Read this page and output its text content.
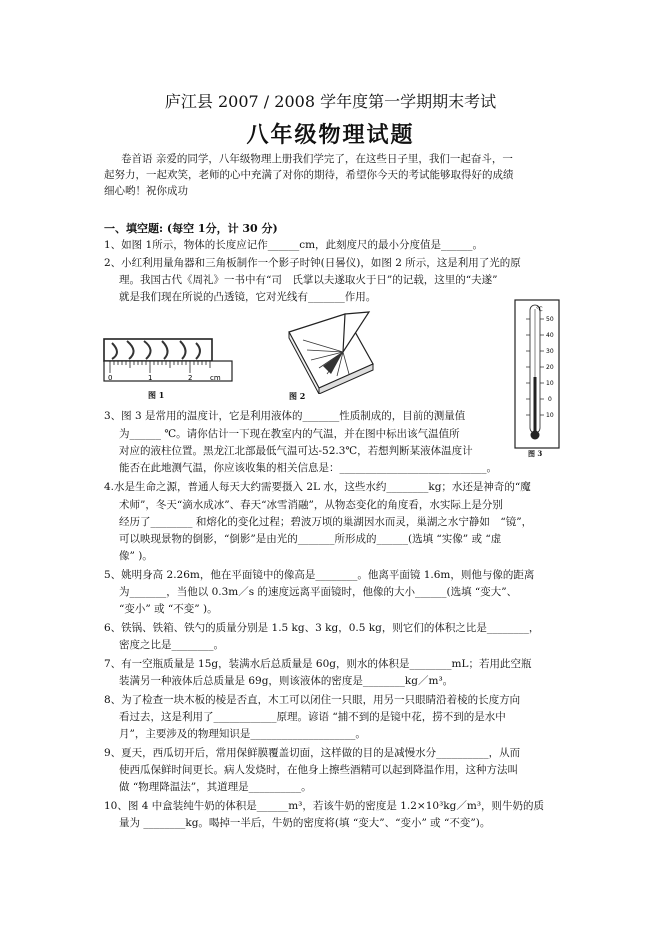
庐江县 2007 / 2008 学年度第一学期期末考试
八年级物理试题
卷首语 亲爱的同学，八年级物理上册我们学完了，在这些日子里，我们一起奋斗，一
起努力，一起欢笑，老师的心中充满了对你的期待，希望你今天的考试能够取得好的成绩
细心哟！祝你成功
一、填空题: (每空 1分，计 30 分)
1、如图 1所示，物体的长度应记作______cm，此刻度尺的最小分度值是______。
2、小红利用量角器和三角板制作一个影子时钟(日晷仪)，如图 2 所示，这是利用了光的原
理。我国古代《周礼》一书中有“司　氏掌以夫遂取火于日”的记载，这里的“夫遂”
就是我们现在所说的凸透镜，它对光线有_______作用。
0	1	2	cm
图 1	图 2
℃
50
40
30
20
10
0
10
图 3
3、图 3 是常用的温度计，它是利用液体的_______性质制成的，目前的测量值
为______ ℃。请你估计一下现在教室内的气温，并在图中标出该气温值所
对应的液柱位置。黑龙江北部最低气温可达-52.3℃，若想判断某液体温度计
能否在此地测气温，你应该收集的相关信息是：____________________________。
4.水是生命之源，普通人每天大约需要摄入 2L 水，这些水约________kg；水还是神奇的“魔
术师”，冬天“滴水成冰”、春天“冰雪消融”，从物态变化的角度看，水实际上是分别
经历了________ 和熔化的变化过程；碧波万顷的巢湖因水而灵，巢湖之水宁静如　“镜”，
可以映现景物的倒影，“倒影”是由光的_______所形成的______(选填 “实像” 或 “虚
像” )。
5、姚明身高 2.26m，他在平面镜中的像高是________。他离平面镜 1.6m，则他与像的距离
为_______，当他以 0.3m／s 的速度远离平面镜时，他像的大小______(选填 “变大”、
“变小” 或 “不变” )。
6、铁锅、铁箱、铁勺的质量分别是 1.5 kg、3 kg，0.5 kg，则它们的体积之比是________，
密度之比是________。
7、有一空瓶质量是 15g，装满水后总质量是 60g，则水的体积是________mL；若用此空瓶
装满另一种液体后总质量是 69g，则该液体的密度是________kg／m³。
8、为了检查一块木板的棱是否直，木工可以闭住一只眼，用另一只眼睛沿着棱的长度方向
看过去，这是利用了____________原理。谚语 “捕不到的是镜中花，捞不到的是水中
月”，主要涉及的物理知识是____________________。
9、夏天，西瓜切开后，常用保鲜膜覆盖切面，这样做的目的是减慢水分__________，从而
使西瓜保鲜时间更长。病人发烧时，在他身上擦些酒精可以起到降温作用，这种方法叫
做 “物理降温法”，其道理是__________。
10、图 4 中盒装纯牛奶的体积是______m³，若该牛奶的密度是 1.2×10³kg／m³，则牛奶的质
量为 ________kg。喝掉一半后，牛奶的密度将(填 “变大”、“变小” 或 “不变”)。
